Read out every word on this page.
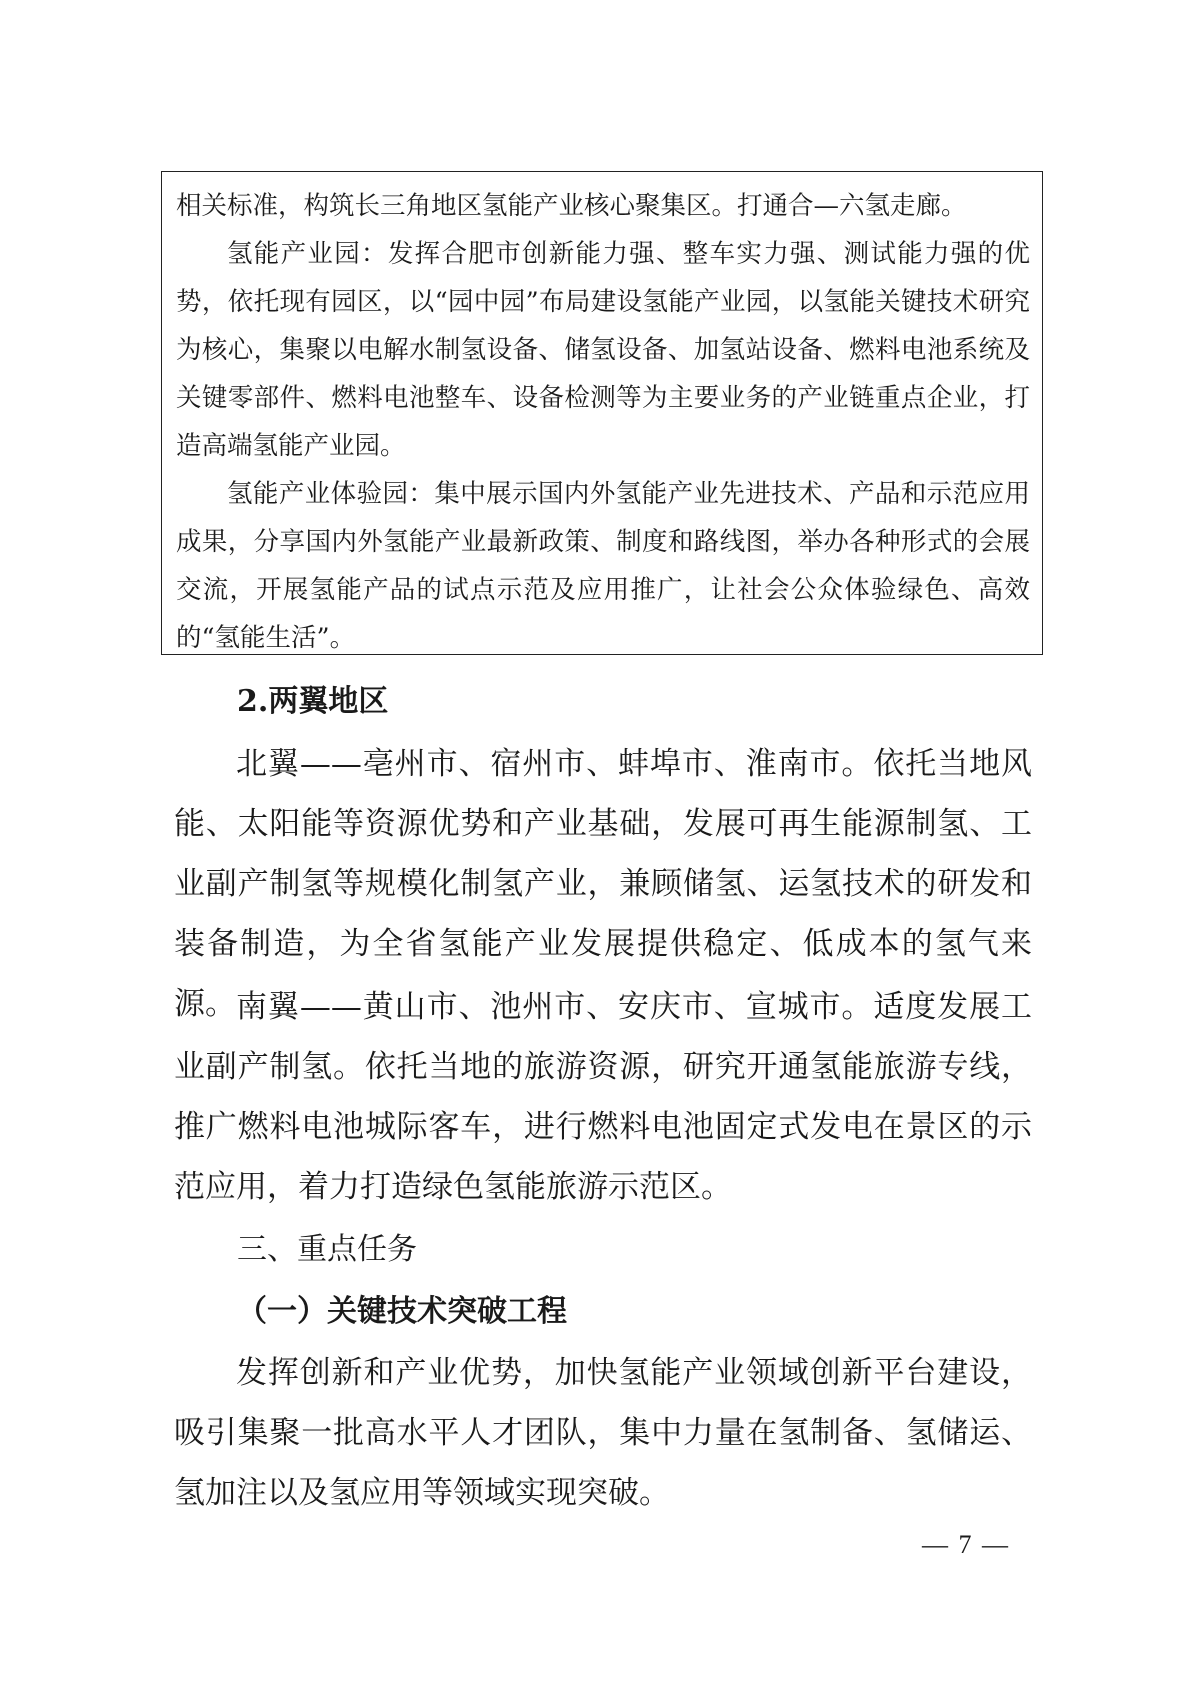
相关标准，构筑长三角地区氢能产业核心聚集区。打通合—六氢走廊。

氢能产业园：发挥合肥市创新能力强、整车实力强、测试能力强的优势，依托现有园区，以“园中园”布局建设氢能产业园，以氢能关键技术研究为核心，集聚以电解水制氢设备、储氢设备、加氢站设备、燃料电池系统及关键零部件、燃料电池整车、设备检测等为主要业务的产业链重点企业，打造高端氢能产业园。

氢能产业体验园：集中展示国内外氢能产业先进技术、产品和示范应用成果，分享国内外氢能产业最新政策、制度和路线图，举办各种形式的会展交流，开展氢能产品的试点示范及应用推广，让社会公众体验绿色、高效的“氢能生活”。

2.两翼地区

北翼——亳州市、宿州市、蚌埠市、淮南市。依托当地风能、太阳能等资源优势和产业基础，发展可再生能源制氢、工业副产制氢等规模化制氢产业，兼顾储氢、运氢技术的研发和装备制造，为全省氢能产业发展提供稳定、低成本的氢气来源。 南翼——黄山市、池州市、安庆市、宣城市。适度发展工业副产制氢。依托当地的旅游资源，研究开通氢能旅游专线，推广燃料电池城际客车，进行燃料电池固定式发电在景区的示范应用，着力打造绿色氢能旅游示范区。

三、重点任务

（一）关键技术突破工程

发挥创新和产业优势，加快氢能产业领域创新平台建设，吸引集聚一批高水平人才团队，集中力量在氢制备、氢储运、氢加注以及氢应用等领域实现突破。

— 7 —
